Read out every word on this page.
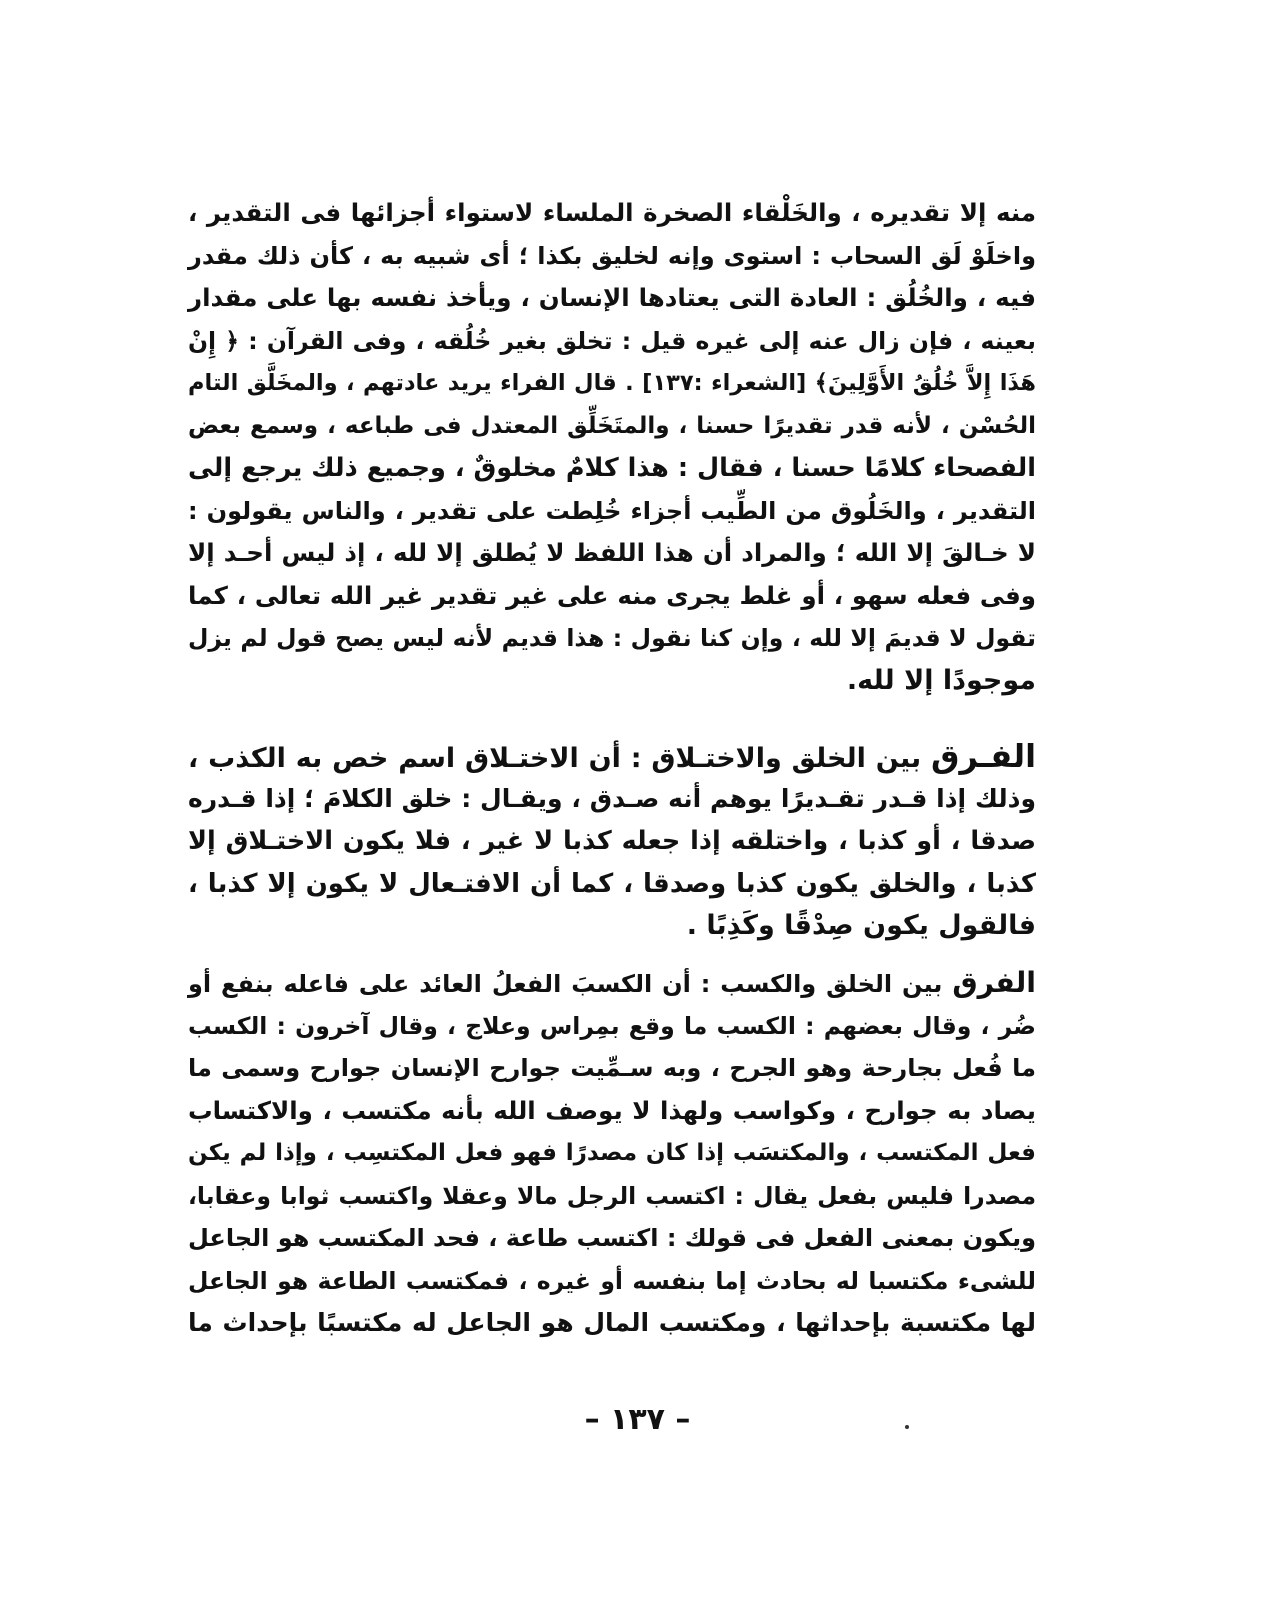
منه إلا تقديره ، والخَلْقاء الصخرة الملساء لاستواء أجزائها فى التقدير ،
واخلَوْ لَق السحاب : استوى وإنه لخليق بكذا ؛ أى شبيه به ، كأن ذلك مقدر
فيه ، والخُلُق : العادة التى يعتادها الإنسان ، ويأخذ نفسه بها على مقدار
بعينه ، فإن زال عنه إلى غيره قيل : تخلق بغير خُلُقه ، وفى القرآن : ﴿ إِنْ
هَذَا إِلاَّ خُلُقُ الأَوَّلِينَ﴾ [الشعراء :١٣٧] . قال الفراء يريد عادتهم ، والمخَلَّق التام
الحُسْن ، لأنه قدر تقديرًا حسنا ، والمتَخَلِّق المعتدل فى طباعه ، وسمع بعض
الفصحاء كلامًا حسنا ، فقال : هذا كلامٌ مخلوقٌ ، وجميع ذلك يرجع إلى
التقدير ، والخَلُوق من الطِّيب أجزاء خُلِطت على تقدير ، والناس يقولون :
لا خـالقَ إلا الله ؛ والمراد أن هذا اللفظ لا يُطلق إلا لله ، إذ ليس أحـد إلا
وفى فعله سهو ، أو غلط يجرى منه على غير تقدير غير الله تعالى ، كما
تقول لا قديمَ إلا لله ، وإن كنا نقول : هذا قديم لأنه ليس يصح قول لم يزل
موجودًا إلا لله.
الفـرق بين الخلق والاختـلاق : أن الاختـلاق اسم خص به الكذب ،
وذلك إذا قـدر تقـديرًا يوهم أنه صـدق ، ويقـال : خلق الكلامَ ؛ إذا قـدره
صدقا ، أو كذبا ، واختلقه إذا جعله كذبا لا غير ، فلا يكون الاختـلاق إلا
كذبا ، والخلق يكون كذبا وصدقا ، كما أن الافتـعال لا يكون إلا كذبا ،
فالقول يكون صِدْقًا وكَذِبًا .
الفرق بين الخلق والكسب : أن الكسبَ الفعلُ العائد على فاعله بنفع أو
ضُر ، وقال بعضهم : الكسب ما وقع بمِراس وعلاج ، وقال آخرون : الكسب
ما فُعل بجارحة وهو الجرح ، وبه سـمِّيت جوارح الإنسان جوارح وسمى ما
يصاد به جوارح ، وكواسب ولهذا لا يوصف الله بأنه مكتسب ، والاكتساب
فعل المكتسب ، والمكتسَب إذا كان مصدرًا فهو فعل المكتسِب ، وإذا لم يكن
مصدرا فليس بفعل يقال : اكتسب الرجل مالا وعقلا واكتسب ثوابا وعقابا،
ويكون بمعنى الفعل فى قولك : اكتسب طاعة ، فحد المكتسب هو الجاعل
للشىء مكتسبا له بحادث إما بنفسه أو غيره ، فمكتسب الطاعة هو الجاعل
لها مكتسبة بإحداثها ، ومكتسب المال هو الجاعل له مكتسبًا بإحداث ما
– ١٣٧ –
